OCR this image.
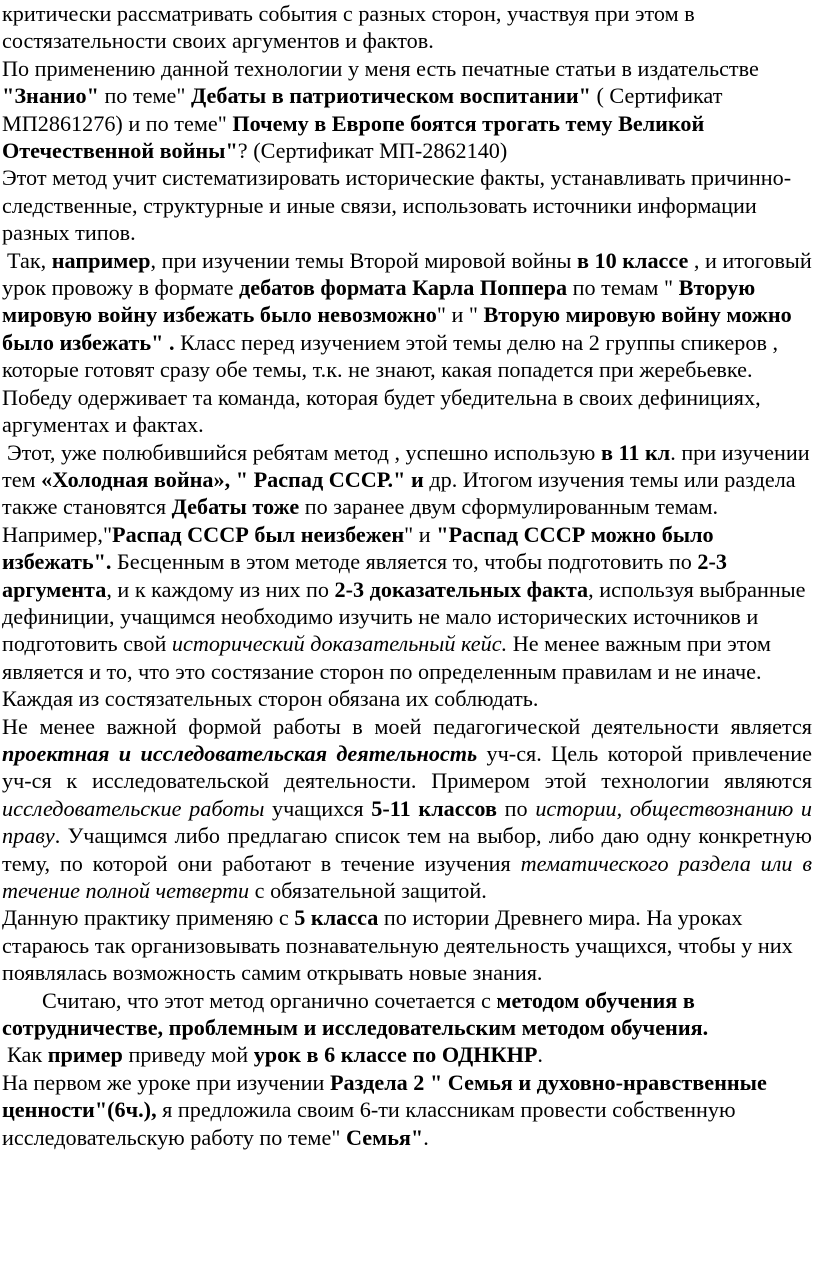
критически рассматривать события с разных сторон, участвуя при этом в состязательности своих аргументов и фактов.

По применению данной технологии у меня есть печатные статьи в издательстве "Знанио" по теме" Дебаты в патриотическом воспитании" ( Сертификат МП2861276) и по теме" Почему в Европе боятся трогать тему Великой Отечественной войны"? (Сертификат МП-2862140)

Этот метод учит систематизировать исторические факты, устанавливать причинно-следственные, структурные и иные связи, использовать источники информации разных типов.

Так, например, при изучении темы Второй мировой войны в 10 классе , и итоговый урок провожу в формате дебатов формата Карла Поппера по темам " Вторую мировую войну избежать было невозможно" и " Вторую мировую войну можно было избежать" . Класс перед изучением этой темы делю на 2 группы спикеров , которые готовят сразу обе темы, т.к. не знают, какая попадется при жеребьевке. Победу одерживает та команда, которая будет убедительна в своих дефинициях, аргументах и фактах.

Этот, уже полюбившийся ребятам метод , успешно использую в 11 кл. при изучении тем «Холодная война», " Распад СССР." и др. Итогом изучения темы или раздела также становятся Дебаты тоже по заранее двум сформулированным темам. Например,"Распад СССР был неизбежен" и "Распад СССР можно было избежать". Бесценным в этом методе является то, чтобы подготовить по 2-3 аргумента, и к каждому из них по 2-3 доказательных факта, используя выбранные дефиниции, учащимся необходимо изучить не мало исторических источников и подготовить свой исторический доказательный кейс. Не менее важным при этом является и то, что это состязание сторон по определенным правилам и не иначе. Каждая из состязательных сторон обязана их соблюдать.

Не менее важной формой работы в моей педагогической деятельности является проектная и исследовательская деятельность уч-ся. Цель которой привлечение уч-ся к исследовательской деятельности. Примером этой технологии являются исследовательские работы учащихся 5-11 классов по истории, обществознанию и праву. Учащимся либо предлагаю список тем на выбор, либо даю одну конкретную тему, по которой они работают в течение изучения тематического раздела или в течение полной четверти с обязательной защитой.

Данную практику применяю с 5 класса по истории Древнего мира. На уроках стараюсь так организовывать познавательную деятельность учащихся, чтобы у них появлялась возможность самим открывать новые знания.

Считаю, что этот метод органично сочетается с методом обучения в сотрудничестве, проблемным и исследовательским методом обучения.

Как пример приведу мой урок в 6 классе по ОДНКНР.

На первом же уроке при изучении Раздела 2 " Семья и духовно-нравственные ценности"(6ч.), я предложила своим 6-ти классникам провести собственную исследовательскую работу по теме" Семья".
